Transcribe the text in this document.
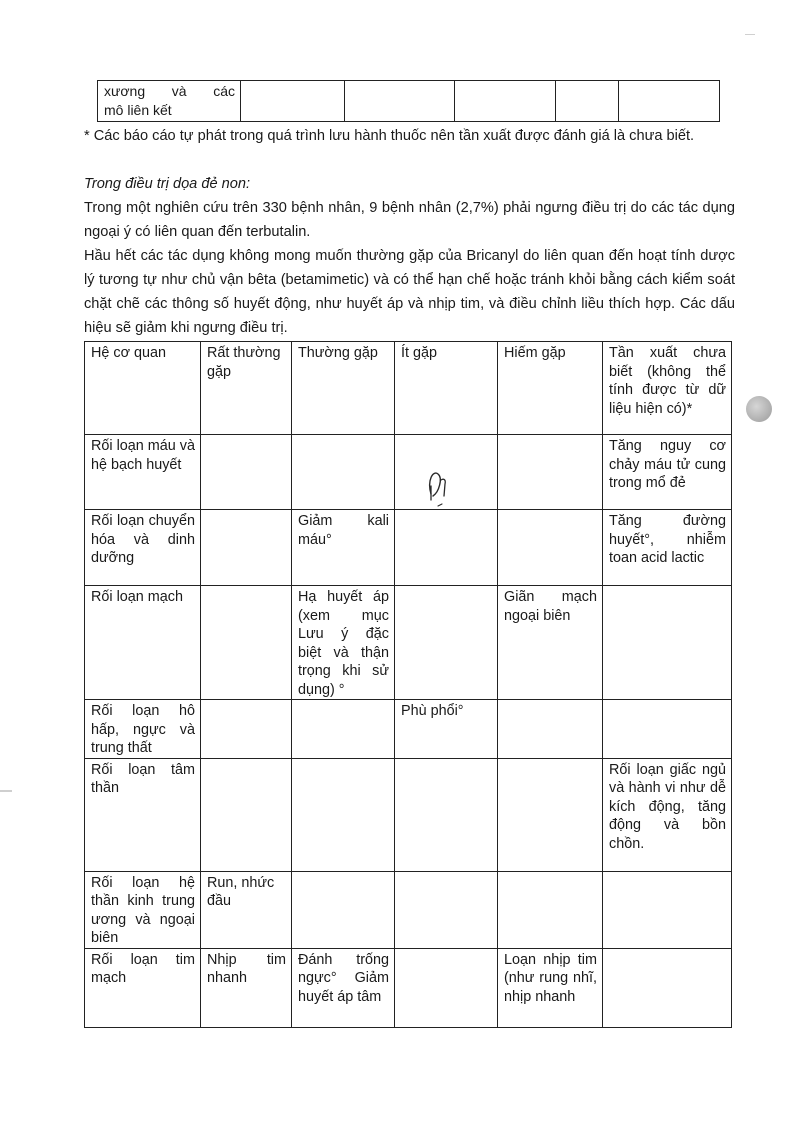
xương và các
mô liên kết

* Các báo cáo tự phát trong quá trình lưu hành thuốc nên tần xuất được đánh giá là chưa biết.
Trong điều trị dọa đẻ non:
Trong một nghiên cứu trên 330 bệnh nhân, 9 bệnh nhân (2,7%) phải ngưng điều trị do các tác dụng ngoại ý có liên quan đến terbutalin.
Hầu hết các tác dụng không mong muốn thường gặp của Bricanyl do liên quan đến hoạt tính dược lý tương tự như chủ vận bêta (betamimetic) và có thể hạn chế hoặc tránh khỏi bằng cách kiểm soát chặt chẽ các thông số huyết động, như huyết áp và nhịp tim, và điều chỉnh liều thích hợp. Các dấu hiệu sẽ giảm khi ngưng điều trị.
Hệ cơ quan	Rất thường gặp	Thường gặp	Ít gặp	Hiếm gặp	Tần xuất chưa biết (không thể tính được từ dữ liệu hiện có)*
Rối loạn máu và hệ bạch huyết					Tăng nguy cơ chảy máu tử cung trong mổ đẻ
Rối loạn chuyển hóa và dinh dưỡng		Giảm kali máu°			Tăng đường huyết°, nhiễm toan acid lactic
Rối loạn mạch		Hạ huyết áp (xem mục Lưu ý đặc biệt và thận trọng khi sử dụng) °		Giãn mạch ngoại biên	
Rối loạn hô hấp, ngực và trung thất			Phù phổi°		
Rối loạn tâm thần					Rối loạn giấc ngủ và hành vi như dễ kích động, tăng động và bồn chồn.
Rối loạn hệ thần kinh trung ương và ngoại biên	Run, nhức đầu				
Rối loạn tim mạch	Nhịp tim nhanh	Đánh trống ngực° Giảm huyết áp tâm		Loạn nhịp tim (như rung nhĩ, nhịp nhanh	
